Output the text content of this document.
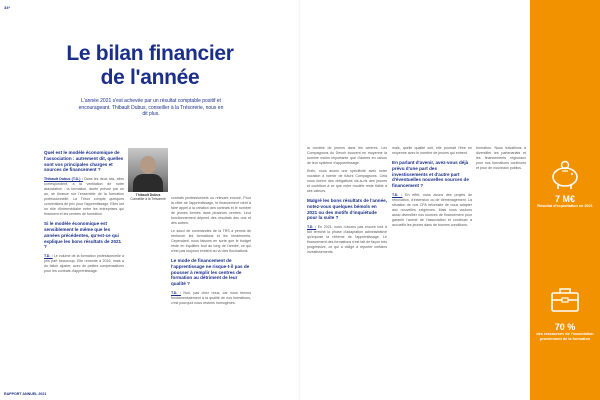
34*
Le bilan financier
de l'année

L'année 2021 s'est achevée par un résultat comptable positif et encourageant. Thibault Dubus, conseiller à la Trésorerie, nous en dit plus.

Quel est le modèle économique de l'association : autrement dit, quelles sont vos principales charges et sources de financement ?

Thibault Dubus (T.D.) : Dans les deux cas, elles correspondent, à la ventilation de notre association : la formation, durée prévue par un an, se finance sur l'ensemble de la formation professionnelle. La Tésor compte quelques conventions de prix pour l'apprentissage. Elles ont un rôle d'intermédiaire entre les entreprises qui financent et les centres de formation.

Si le modèle économique est sensiblement le même que les années précédentes, qu'est-ce qui explique les bons résultats de 2021 ?

T.D. : Le volume de la formation professionnelle a pris part beaucoup. Elle remonte à 2016, mais a du falloir ajuster, avec de petites compensations pour les contrats d'apprentissage.

Thibault Dubus
Conseiller à la Trésorerie	contrats professionnels ou relevant encore. Pour la cible de l'apprentissage, le financement vient à faire appel à la création des contrats et le nombre de jeunes formés dans plusieurs centres. Leur fonctionnement dépend des résultats des uns et des autres.

Le souci de commandes de la TRS a permis de renforcer les formations et les rendements. Cependant, nous faisons en sorte que le budget reste en équilibre tout au long de l'année, ce qui n'est pas toujours évident au vu des fluctuations.

Le mode de financement de l'apprentissage ne risque-t-il pas de pousser à remplir les centres de formation au détriment de leur qualité ?

T.D. : Non, pas chez nous, car nous tenons fondamentalement à la qualité de nos formations, c'est pourquoi nous restons homogènes.

la nombre de jeunes dans les centres. Les Compagnons du Devoir trouvent en moyenne la somme moins importante que d'autres en raison de leur système d'apprentissage.

Enfin, nous avons une spécificité avec notre vocation à former de futurs Compagnons. Cela nous donne des obligations vis-à-vis des jeunes et contribue à ce que notre modèle reste fidèle à ses valeurs.

Malgré les bons résultats de l'année, notez-vous quelques bémols en 2021 ou des motifs d'inquiétude pour la suite ?

T.D. : En 2021, nous n'avons pas encore tout à fait terminé la phase d'adaptation administrative qu'impose la réforme de l'apprentissage. Le financement des formations s'est fait de façon très progressive, ce qui a obligé à reporter certains investissements.

mais, quelle qualité soit, elle pourrait l'être en moyenne avec le nombre de jeunes qui entrent.

En parlant d'avenir, avez-vous déjà prévu d'une part des investissements et d'autre part d'éventuelles nouvelles sources de financement ?

T.D. : En effet, nous avons des projets de rénovation, d'extension ou de déménagement. La situation de nos CFA nécessite de nous adapter aux nouvelles exigences. Mais nous voulons aussi diversifier nos sources de financement pour garantir l'avenir de l'association et continuer à accueillir les jeunes dans de bonnes conditions.

formation. Nous travaillons à diversifier les partenariats et les financements régionaux pour nos formations continues et pour de nouveaux publics.

7 M€
Résultat d'exploitation en 2021
70 %
des ressources de l'association proviennent de la formation
RAPPORT ANNUEL 2021
